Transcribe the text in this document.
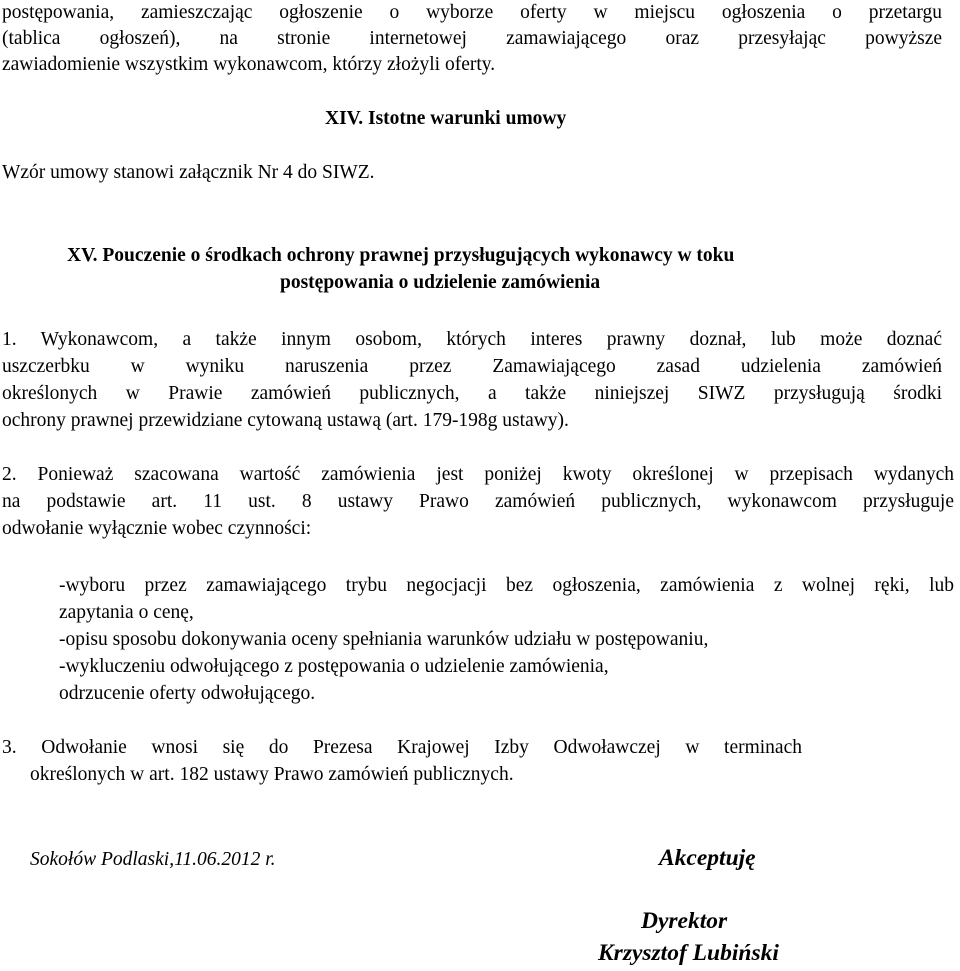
postępowania, zamieszczając ogłoszenie o wyborze oferty w miejscu ogłoszenia o przetargu
(tablica ogłoszeń), na stronie internetowej zamawiającego oraz przesyłając powyższe
zawiadomienie wszystkim wykonawcom, którzy złożyli oferty.
XIV. Istotne warunki umowy
Wzór umowy stanowi załącznik Nr 4 do SIWZ.
XV. Pouczenie o środkach ochrony prawnej przysługujących wykonawcy w toku
postępowania o udzielenie zamówienia
1. Wykonawcom, a także innym osobom, których interes prawny doznał, lub może doznać
uszczerbku w wyniku naruszenia przez Zamawiającego zasad udzielenia zamówień
określonych w Prawie zamówień publicznych, a także niniejszej SIWZ przysługują środki
ochrony prawnej przewidziane cytowaną ustawą (art. 179-198g ustawy).
2. Ponieważ szacowana wartość zamówienia jest poniżej kwoty określonej w przepisach wydanych
na podstawie art. 11 ust. 8 ustawy Prawo zamówień publicznych, wykonawcom przysługuje
odwołanie wyłącznie wobec czynności:
-wyboru przez zamawiającego trybu negocjacji bez ogłoszenia, zamówienia z wolnej ręki, lub
zapytania o cenę,
-opisu sposobu dokonywania oceny spełniania warunków udziału w postępowaniu,
-wykluczeniu odwołującego z postępowania o udzielenie zamówienia,
odrzucenie oferty odwołującego.
3. Odwołanie wnosi się do Prezesa Krajowej Izby Odwoławczej w terminach
określonych w art. 182 ustawy Prawo zamówień publicznych.
Sokołów Podlaski,11.06.2012 r.	Akceptuję
Dyrektor
Krzysztof Lubiński
